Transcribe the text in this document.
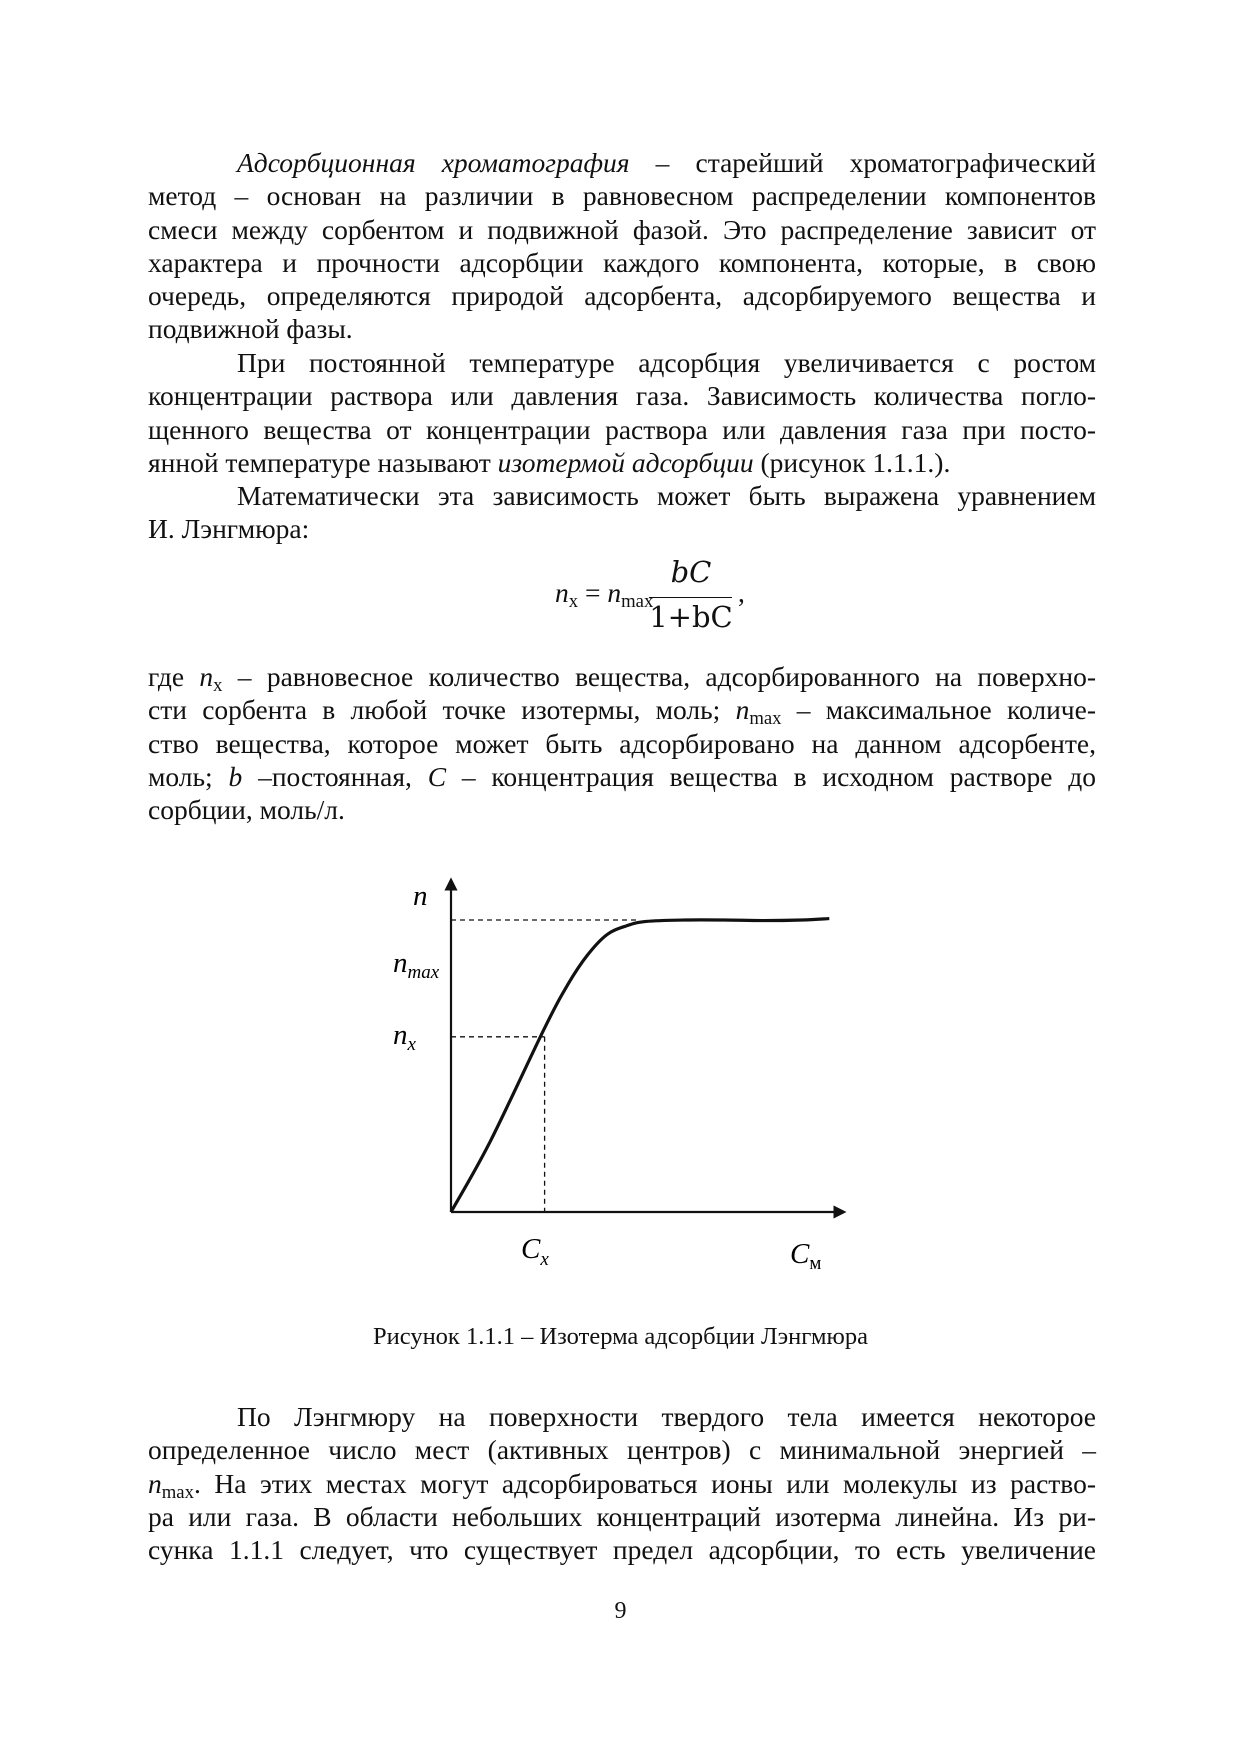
Адсорбционная хроматография – старейший хроматографический
метод – основан на различии в равновесном распределении компонентов
смеси между сорбентом и подвижной фазой. Это распределение зависит от
характера и прочности адсорбции каждого компонента, которые, в свою
очередь, определяются природой адсорбента, адсорбируемого вещества и
подвижной фазы.
При постоянной температуре адсорбция увеличивается с ростом
концентрации раствора или давления газа. Зависимость количества погло-
щенного вещества от концентрации раствора или давления газа при посто-
янной температуре называют изотермой адсорбции (рисунок 1.1.1.).
Математически эта зависимость может быть выражена уравнением
И. Лэнгмюра:
$n_x = n_{max}$
bC
1+bC
,
где $n_х$ – равновесное количество вещества, адсорбированного на поверхно-
сти сорбента в любой точке изотермы, моль; $n_{max}$ – максимальное количе-
ство вещества, которое может быть адсорбировано на данном адсорбенте,
моль; b –постоянная, C – концентрация вещества в исходном растворе до
сорбции, моль/л.
n
$n_{max}$
$n_x$
$C_x$	$C_м$
Рисунок 1.1.1 – Изотерма адсорбции Лэнгмюра
По Лэнгмюру на поверхности твердого тела имеется некоторое
определенное число мест (активных центров) с минимальной энергией –
$n_{max}$. На этих местах могут адсорбироваться ионы или молекулы из раство-
ра или газа. В области небольших концентраций изотерма линейна. Из ри-
сунка 1.1.1 следует, что существует предел адсорбции, то есть увеличение
9
